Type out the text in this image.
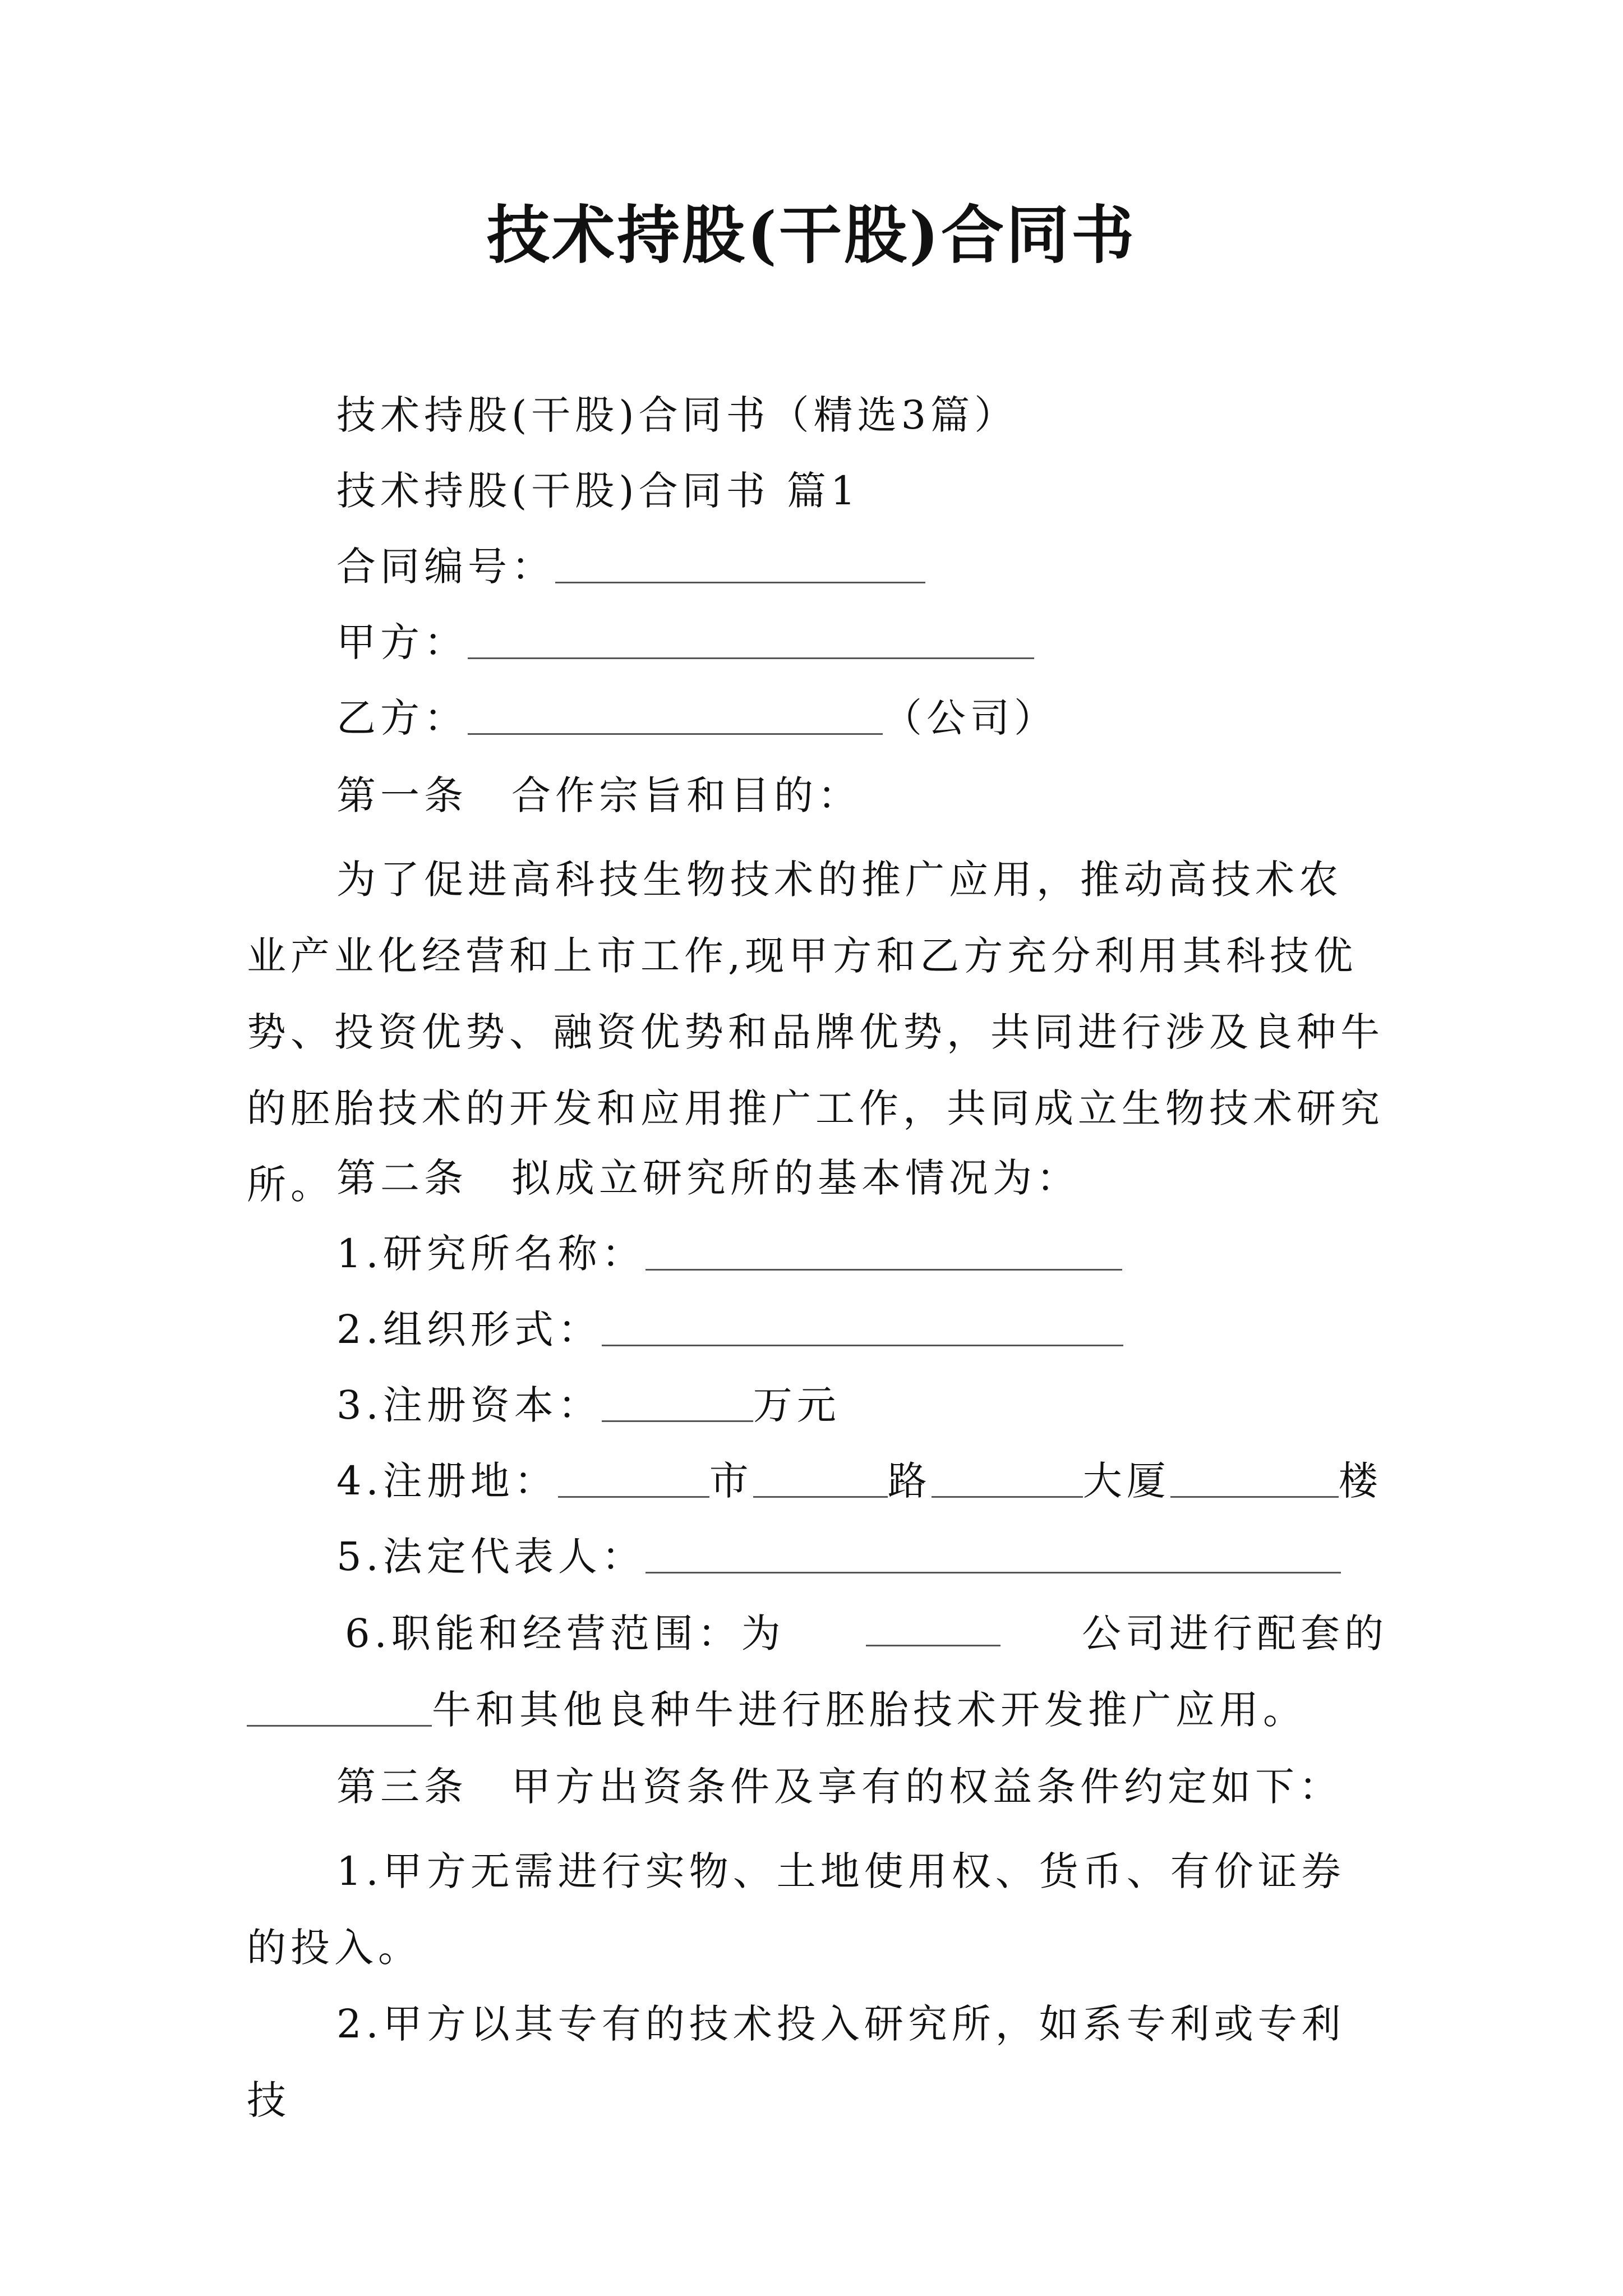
技术持股(干股)合同书
技术持股(干股)合同书（精选3篇）
技术持股(干股)合同书 篇1
合同编号：
甲方：
乙方：	（公司）
第一条　合作宗旨和目的：
为了促进高科技生物技术的推广应用，推动高技术农业产业化经营和上市工作,现甲方和乙方充分利用其科技优势、投资优势、融资优势和品牌优势，共同进行涉及良种牛的胚胎技术的开发和应用推广工作，共同成立生物技术研究所。 第二条　拟成立研究所的基本情况为：
1.研究所名称：
2.组织形式：
3.注册资本：	万元
4.注册地：	市	路	大厦	楼
5.法定代表人：
6.职能和经营范围：为	公司进行配套的
牛和其他良种牛进行胚胎技术开发推广应用。
第三条　甲方出资条件及享有的权益条件约定如下：
1.甲方无需进行实物、土地使用权、货币、有价证券的投入。
2.甲方以其专有的技术投入研究所，如系专利或专利技
